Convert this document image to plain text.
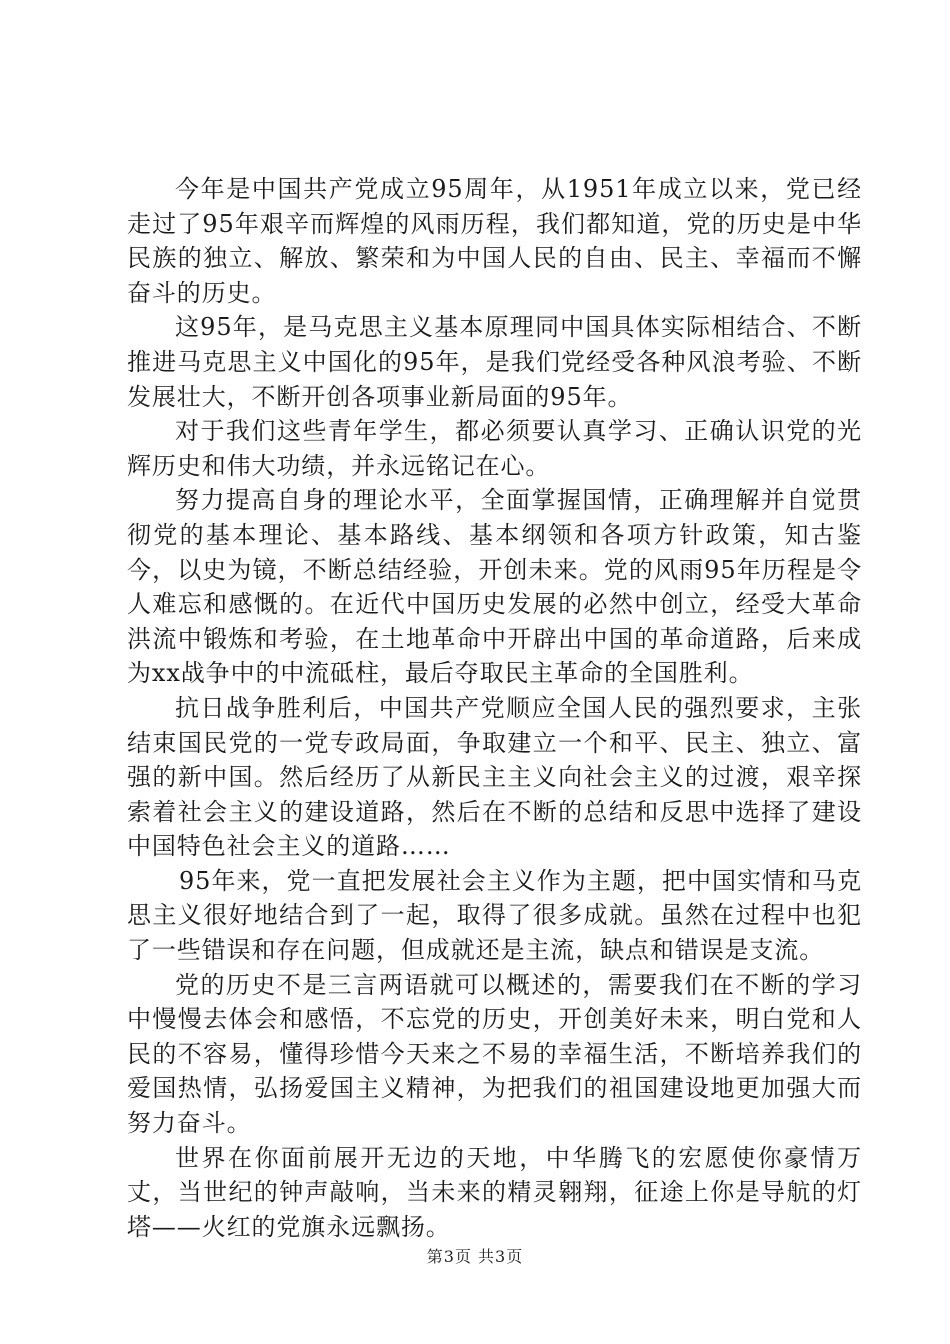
今年是中国共产党成立95周年，从1951年成立以来，党已经走过了95年艰辛而辉煌的风雨历程，我们都知道，党的历史是中华民族的独立、解放、繁荣和为中国人民的自由、民主、幸福而不懈奋斗的历史。

这95年，是马克思主义基本原理同中国具体实际相结合、不断推进马克思主义中国化的95年，是我们党经受各种风浪考验、不断发展壮大，不断开创各项事业新局面的95年。

对于我们这些青年学生，都必须要认真学习、正确认识党的光辉历史和伟大功绩，并永远铭记在心。

努力提高自身的理论水平，全面掌握国情，正确理解并自觉贯彻党的基本理论、基本路线、基本纲领和各项方针政策，知古鉴今，以史为镜，不断总结经验，开创未来。党的风雨95年历程是令人难忘和感慨的。在近代中国历史发展的必然中创立，经受大革命洪流中锻炼和考验，在土地革命中开辟出中国的革命道路，后来成为xx战争中的中流砥柱，最后夺取民主革命的全国胜利。

抗日战争胜利后，中国共产党顺应全国人民的强烈要求，主张结束国民党的一党专政局面，争取建立一个和平、民主、独立、富强的新中国。然后经历了从新民主主义向社会主义的过渡，艰辛探索着社会主义的建设道路，然后在不断的总结和反思中选择了建设中国特色社会主义的道路……

95年来，党一直把发展社会主义作为主题，把中国实情和马克思主义很好地结合到了一起，取得了很多成就。虽然在过程中也犯了一些错误和存在问题，但成就还是主流，缺点和错误是支流。

党的历史不是三言两语就可以概述的，需要我们在不断的学习中慢慢去体会和感悟，不忘党的历史，开创美好未来，明白党和人民的不容易，懂得珍惜今天来之不易的幸福生活，不断培养我们的爱国热情，弘扬爱国主义精神，为把我们的祖国建设地更加强大而努力奋斗。

世界在你面前展开无边的天地，中华腾飞的宏愿使你豪情万丈，当世纪的钟声敲响，当未来的精灵翱翔，征途上你是导航的灯塔——火红的党旗永远飘扬。

第3页 共3页
